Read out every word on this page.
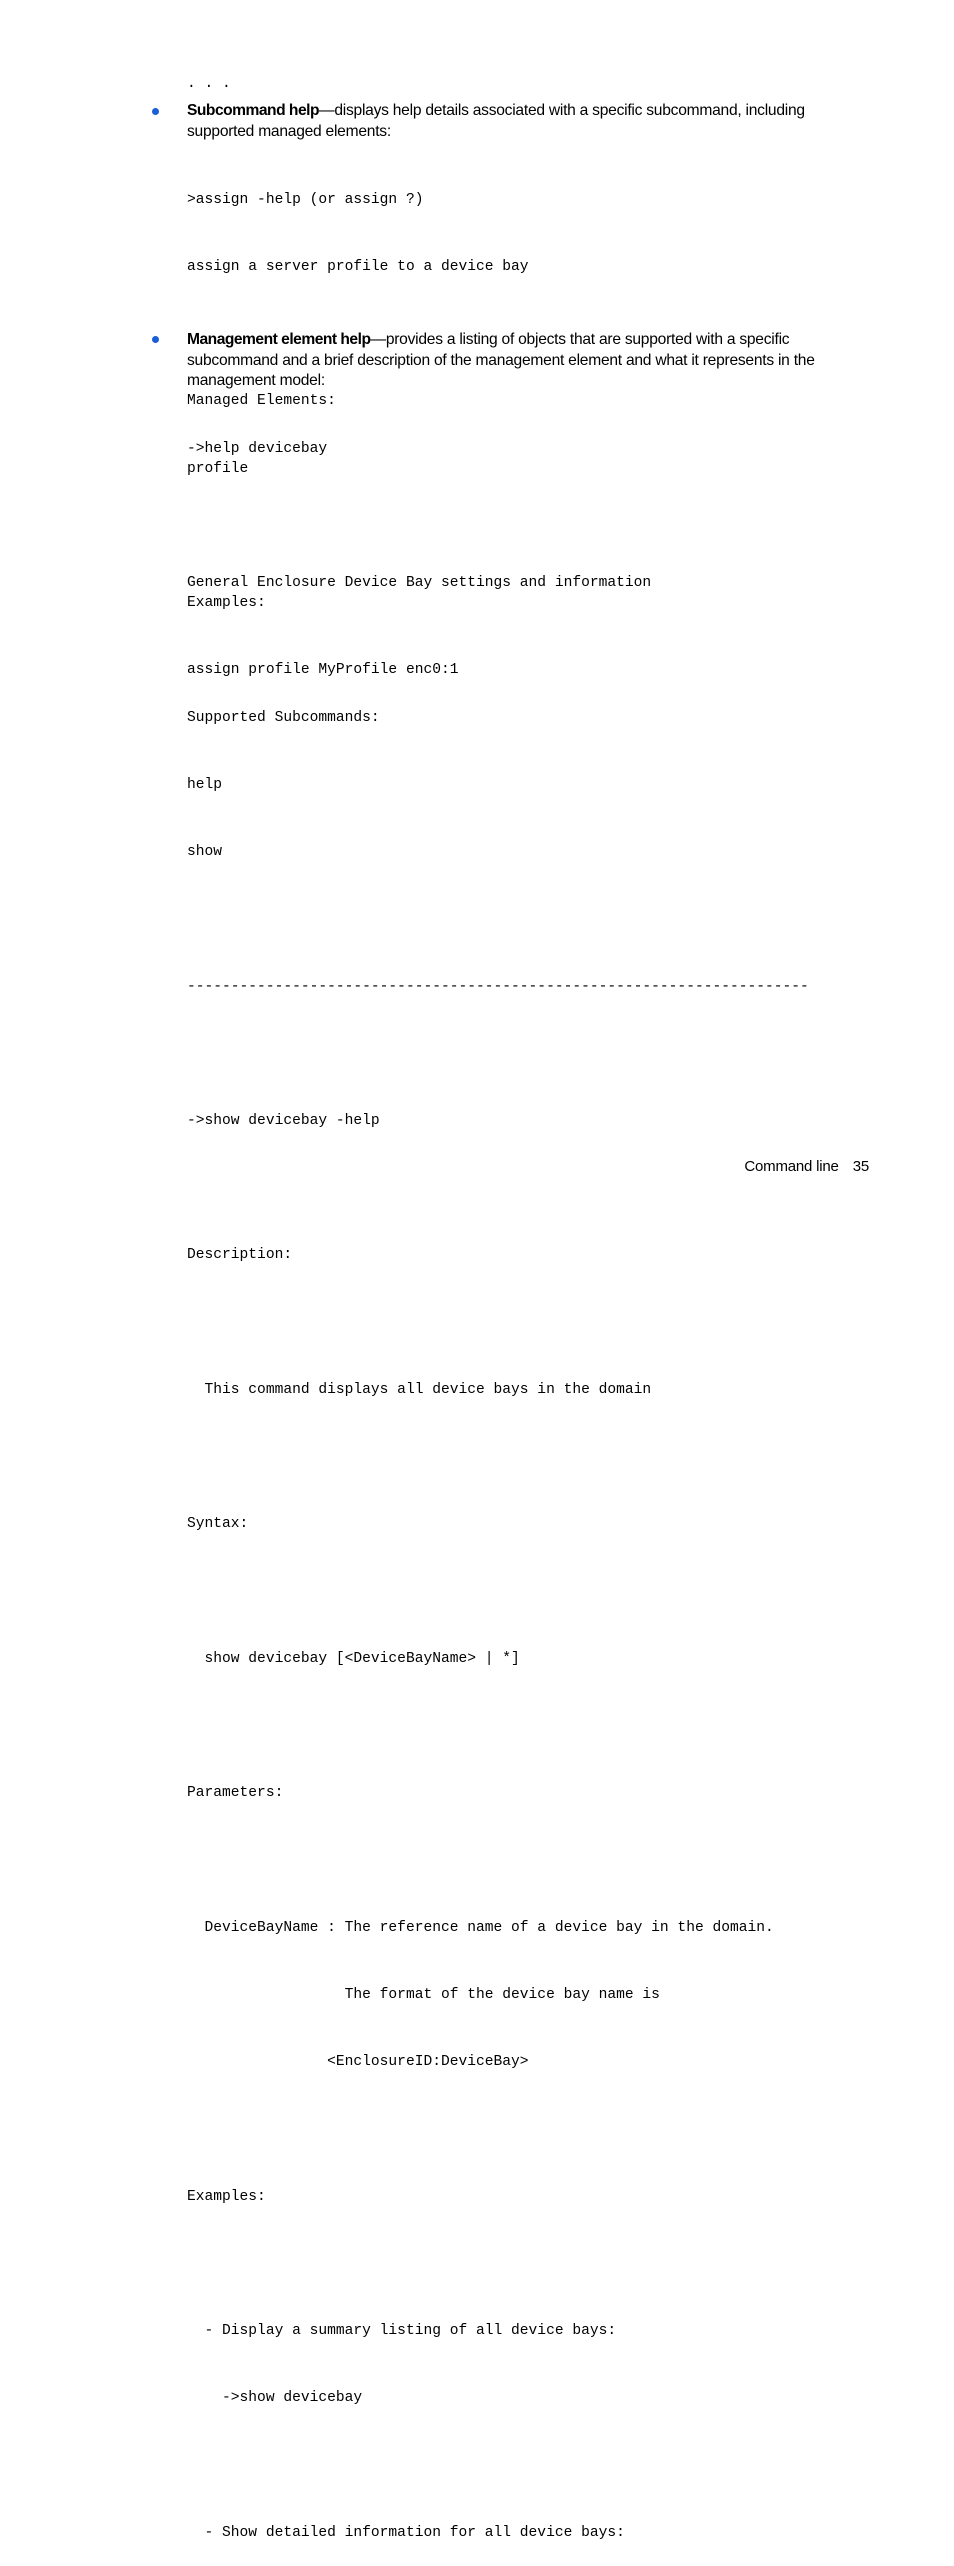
. . .
Subcommand help—displays help details associated with a specific subcommand, including supported managed elements:

>assign -help (or assign ?)

assign a server profile to a device bay

Managed Elements:

profile

Examples:

assign profile MyProfile enc0:1

Management element help—provides a listing of objects that are supported with a specific subcommand and a brief description of the management element and what it represents in the management model:

->help devicebay

General Enclosure Device Bay settings and information

Supported Subcommands:

help

show

-----------------------------------------------------------------------

->show devicebay -help

Description:

This command displays all device bays in the domain

Syntax:

show devicebay [<DeviceBayName> | *]

Parameters:

DeviceBayName : The reference name of a device bay in the domain.

The format of the device bay name is

<EnclosureID:DeviceBay>

Examples:

- Display a summary listing of all device bays:

->show devicebay

- Show detailed information for all device bays:

Command line 35
